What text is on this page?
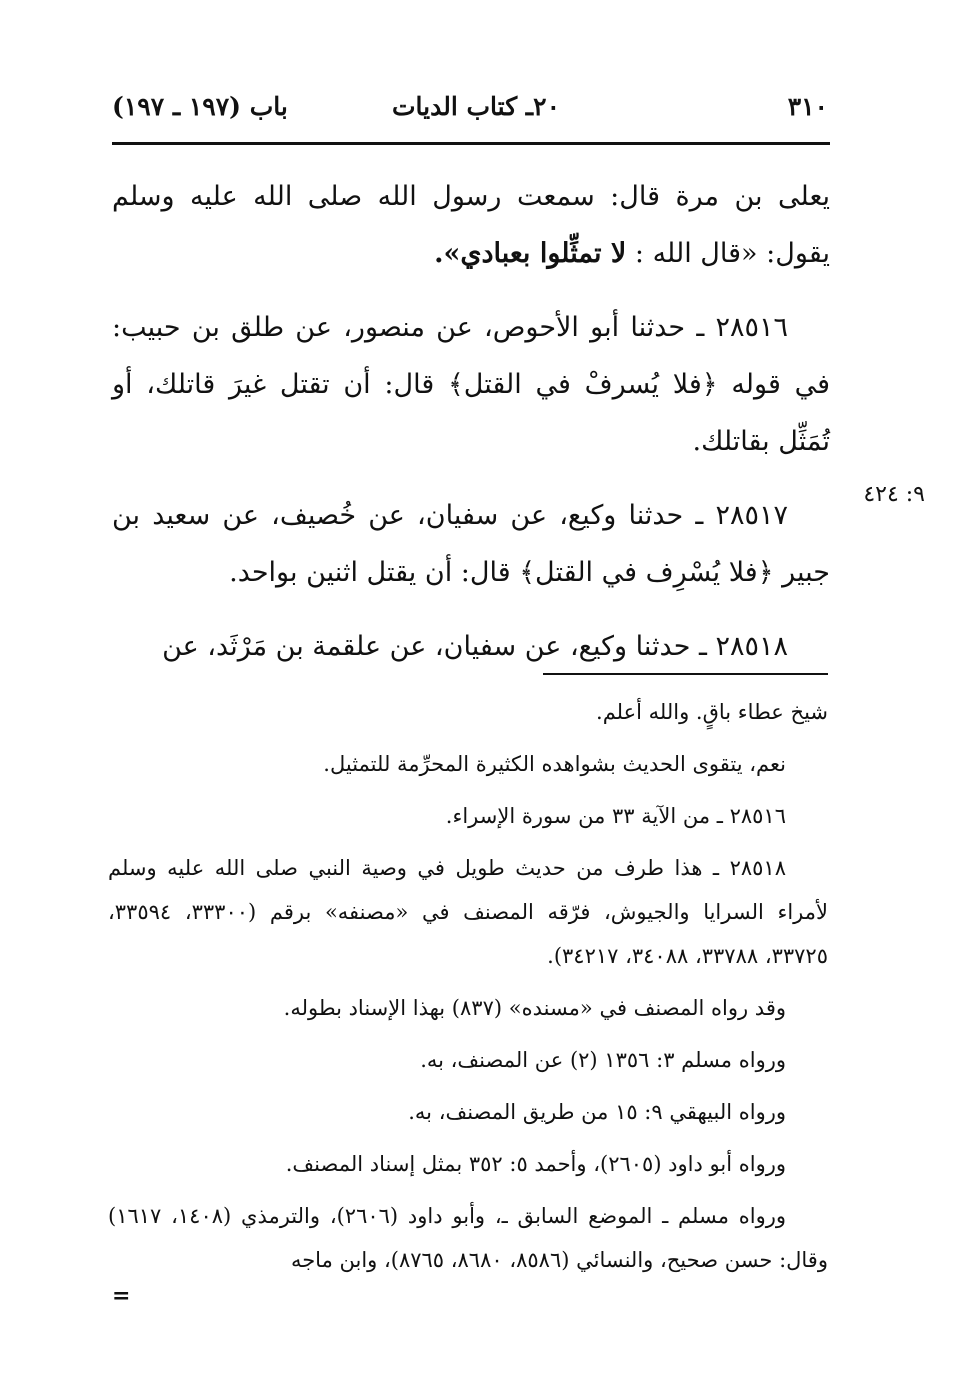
٣١٠
٢٠ـ كتاب الديات
باب (١٩٧ ـ ١٩٧)

يعلى بن مرة قال: سمعت رسول الله صلى الله عليه وسلم يقول: «قال الله : لا تمثِّلوا بعبادي».

٢٨٥١٦ ـ حدثنا أبو الأحوص، عن منصور، عن طلق بن حبيب: في قوله ﴿فلا يُسرفْ في القتل﴾ قال: أن تقتل غيرَ قاتلك، أو تُمَثِّل بقاتلك.

٢٨٥١٧ ـ حدثنا وكيع، عن سفيان، عن خُصيف، عن سعيد بن جبير ﴿فلا يُسْرِف في القتل﴾ قال: أن يقتل اثنين بواحد.

٢٨٥١٨ ـ حدثنا وكيع، عن سفيان، عن علقمة بن مَرْثَد، عن

٩: ٤٢٤

شيخ عطاء باقٍ. والله أعلم.

نعم، يتقوى الحديث بشواهده الكثيرة المحرِّمة للتمثيل.

٢٨٥١٦ ـ من الآية ٣٣ من سورة الإسراء.

٢٨٥١٨ ـ هذا طرف من حديث طويل في وصية النبي صلى الله عليه وسلم لأمراء السرايا والجيوش، فرّقه المصنف في «مصنفه» برقم (٣٣٣٠٠، ٣٣٥٩٤، ٣٣٧٢٥، ٣٣٧٨٨، ٣٤٠٨٨، ٣٤٢١٧).

وقد رواه المصنف في «مسنده» (٨٣٧) بهذا الإسناد بطوله.

ورواه مسلم ٣: ١٣٥٦ (٢) عن المصنف، به.

ورواه البيهقي ٩: ١٥ من طريق المصنف، به.

ورواه أبو داود (٢٦٠٥)، وأحمد ٥: ٣٥٢ بمثل إسناد المصنف.

ورواه مسلم ـ الموضع السابق ـ، وأبو داود (٢٦٠٦)، والترمذي (١٤٠٨، ١٦١٧) وقال: حسن صحيح، والنسائي (٨٥٨٦، ٨٦٨٠، ٨٧٦٥)، وابن ماجه

=
